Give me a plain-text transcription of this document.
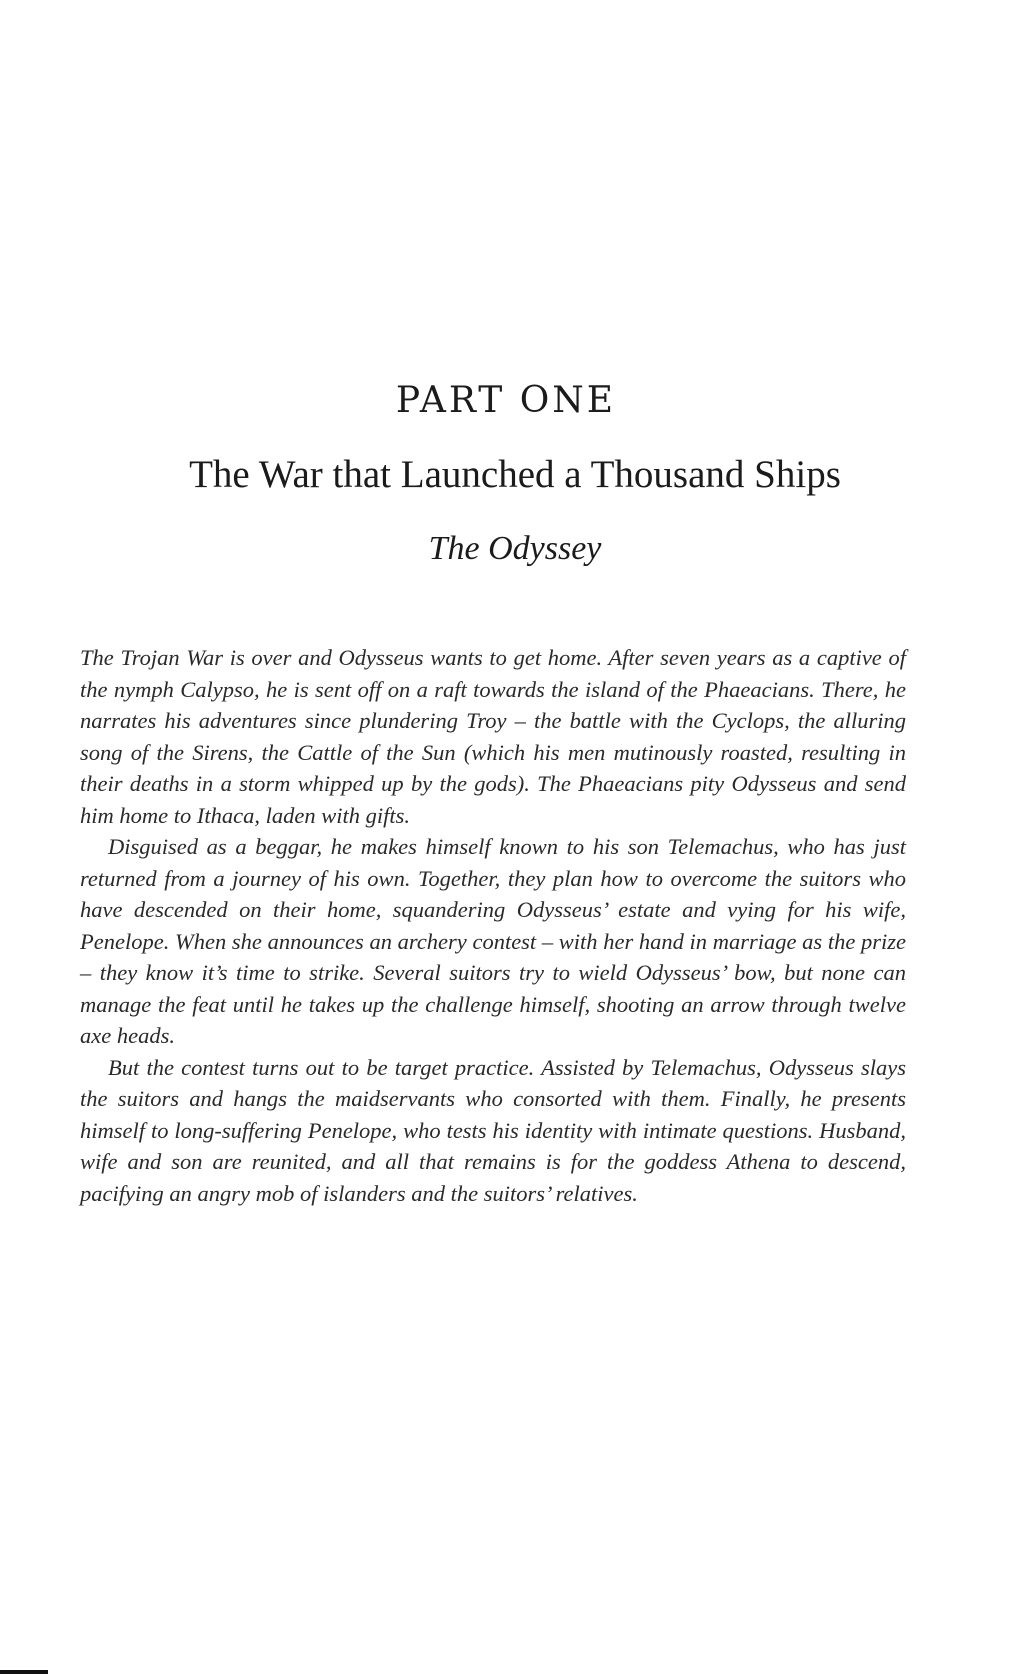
PART ONE
The War that Launched a Thousand Ships
The Odyssey

The Trojan War is over and Odysseus wants to get home. After seven years as a captive of the nymph Calypso, he is sent off on a raft towards the island of the Phaeacians. There, he narrates his adventures since plundering Troy – the battle with the Cyclops, the alluring song of the Sirens, the Cattle of the Sun (which his men mutinously roasted, resulting in their deaths in a storm whipped up by the gods). The Phaeacians pity Odysseus and send him home to Ithaca, laden with gifts.

Disguised as a beggar, he makes himself known to his son Telemachus, who has just returned from a journey of his own. Together, they plan how to overcome the suitors who have descended on their home, squandering Odysseus’ estate and vying for his wife, Penelope. When she announces an archery contest – with her hand in marriage as the prize – they know it’s time to strike. Several suitors try to wield Odysseus’ bow, but none can manage the feat until he takes up the challenge himself, shooting an arrow through twelve axe heads.

But the contest turns out to be target practice. Assisted by Telemachus, Odysseus slays the suitors and hangs the maidservants who consorted with them. Finally, he presents himself to long-suffering Penelope, who tests his identity with intimate questions. Husband, wife and son are reunited, and all that remains is for the goddess Athena to descend, pacifying an angry mob of islanders and the suitors’ relatives.
